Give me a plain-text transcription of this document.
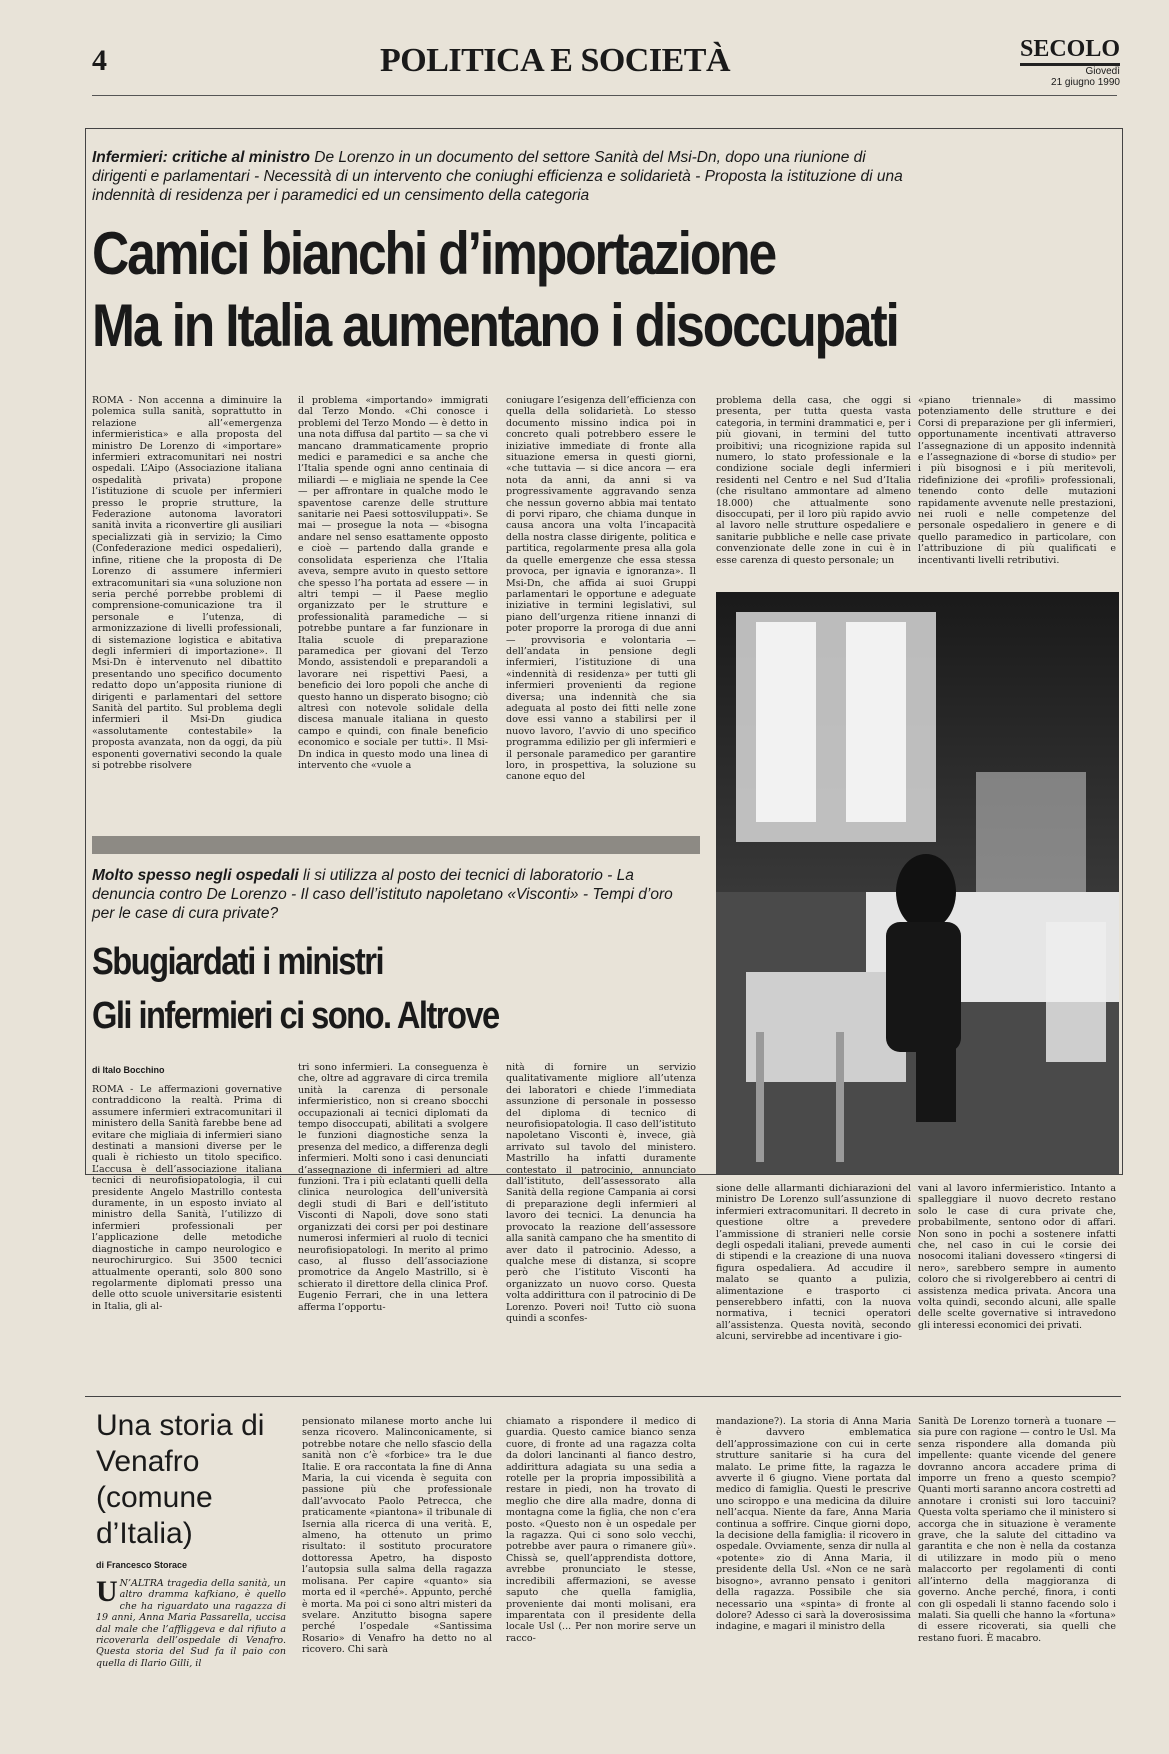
4	POLITICA E SOCIETÀ	SECOLO
Giovedì
21 giugno 1990
Infermieri: critiche al ministro De Lorenzo in un documento del settore Sanità del Msi-Dn, dopo una riunione di dirigenti e parlamentari - Necessità di un intervento che coniughi efficienza e solidarietà - Proposta la istituzione di una indennità di residenza per i paramedici ed un censimento della categoria
Camici bianchi d’importazione
Ma in Italia aumentano i disoccupati

ROMA - Non accenna a diminuire la polemica sulla sanità, soprattutto in relazione all’«emergenza infermieristica» e alla proposta del ministro De Lorenzo di «importare» infermieri extracomunitari nei nostri ospedali. L’Aipo (Associazione italiana ospedalità privata) propone l’istituzione di scuole per infermieri presso le proprie strutture, la Federazione autonoma lavoratori sanità invita a riconvertire gli ausiliari specializzati già in servizio; la Cimo (Confederazione medici ospedalieri), infine, ritiene che la proposta di De Lorenzo di assumere infermieri extracomunitari sia «una soluzione non seria perché porrebbe problemi di comprensione-comunicazione tra il personale e l’utenza, di armonizzazione di livelli professionali, di sistemazione logistica e abitativa degli infermieri di importazione». Il Msi-Dn è intervenuto nel dibattito presentando uno specifico documento redatto dopo un’apposita riunione di dirigenti e parlamentari del settore Sanità del partito. Sul problema degli infermieri il Msi-Dn giudica «assolutamente contestabile» la proposta avanzata, non da oggi, da più esponenti governativi secondo la quale si potrebbe risolvere

il problema «importando» immigrati dal Terzo Mondo. «Chi conosce i problemi del Terzo Mondo — è detto in una nota diffusa dal partito — sa che vi mancano drammaticamente proprio medici e paramedici e sa anche che l’Italia spende ogni anno centinaia di miliardi — e migliaia ne spende la Cee — per affrontare in qualche modo le spaventose carenze delle strutture sanitarie nei Paesi sottosviluppati». Se mai — prosegue la nota — «bisogna andare nel senso esattamente opposto e cioè — partendo dalla grande e consolidata esperienza che l’Italia aveva, sempre avuto in questo settore che spesso l’ha portata ad essere — in altri tempi — il Paese meglio organizzato per le strutture e professionalità paramediche — si potrebbe puntare a far funzionare in Italia scuole di preparazione paramedica per giovani del Terzo Mondo, assistendoli e preparandoli a lavorare nei rispettivi Paesi, a beneficio dei loro popoli che anche di questo hanno un disperato bisogno; ciò altresì con notevole solidale della discesa manuale italiana in questo campo e quindi, con finale beneficio economico e sociale per tutti». Il Msi-Dn indica in questo modo una linea di intervento che «vuole a

coniugare l’esigenza dell’efficienza con quella della solidarietà. Lo stesso documento missino indica poi in concreto quali potrebbero essere le iniziative immediate di fronte alla situazione emersa in questi giorni, «che tuttavia — si dice ancora — era nota da anni, da anni si va progressivamente aggravando senza che nessun governo abbia mai tentato di porvi riparo, che chiama dunque in causa ancora una volta l’incapacità della nostra classe dirigente, politica e partitica, regolarmente presa alla gola da quelle emergenze che essa stessa provoca, per ignavia e ignoranza». Il Msi-Dn, che affida ai suoi Gruppi parlamentari le opportune e adeguate iniziative in termini legislativi, sul piano dell’urgenza ritiene innanzi di poter proporre la proroga di due anni — provvisoria e volontaria — dell’andata in pensione degli infermieri, l’istituzione di una «indennità di residenza» per tutti gli infermieri provenienti da regione diversa; una indennità che sia adeguata al posto dei fitti nelle zone dove essi vanno a stabilirsi per il nuovo lavoro, l’avvio di uno specifico programma edilizio per gli infermieri e il personale paramedico per garantire loro, in prospettiva, la soluzione su canone equo del

problema della casa, che oggi si presenta, per tutta questa vasta categoria, in termini drammatici e, per i più giovani, in termini del tutto proibitivi; una ricognizione rapida sul numero, lo stato professionale e la condizione sociale degli infermieri residenti nel Centro e nel Sud d’Italia (che risultano ammontare ad almeno 18.000) che attualmente sono disoccupati, per il loro più rapido avvio al lavoro nelle strutture ospedaliere e sanitarie pubbliche e nelle case private convenzionate delle zone in cui è in esse carenza di questo personale; un

«piano triennale» di massimo potenziamento delle strutture e dei Corsi di preparazione per gli infermieri, opportunamente incentivati attraverso l’assegnazione di un apposito indennità e l’assegnazione di «borse di studio» per i più bisognosi e i più meritevoli, ridefinizione dei «profili» professionali, tenendo conto delle mutazioni rapidamente avvenute nelle prestazioni, nei ruoli e nelle competenze del personale ospedaliero in genere e di quello paramedico in particolare, con l’attribuzione di più qualificati e incentivanti livelli retributivi.

Molto spesso negli ospedali li si utilizza al posto dei tecnici di laboratorio - La denuncia contro De Lorenzo - Il caso dell’istituto napoletano «Visconti» - Tempi d’oro per le case di cura private?
Sbugiardati i ministri
Gli infermieri ci sono. Altrove
di Italo Bocchino

ROMA - Le affermazioni governative contraddicono la realtà. Prima di assumere infermieri extracomunitari il ministero della Sanità farebbe bene ad evitare che migliaia di infermieri siano destinati a mansioni diverse per le quali è richiesto un titolo specifico. L’accusa è dell’associazione italiana tecnici di neurofisiopatologia, il cui presidente Angelo Mastrillo contesta duramente, in un esposto inviato al ministro della Sanità, l’utilizzo di infermieri professionali per l’applicazione delle metodiche diagnostiche in campo neurologico e neurochirurgico. Sui 3500 tecnici attualmente operanti, solo 800 sono regolarmente diplomati presso una delle otto scuole universitarie esistenti in Italia, gli al-

tri sono infermieri. La conseguenza è che, oltre ad aggravare di circa tremila unità la carenza di personale infermieristico, non si creano sbocchi occupazionali ai tecnici diplomati da tempo disoccupati, abilitati a svolgere le funzioni diagnostiche senza la presenza del medico, a differenza degli infermieri. Molti sono i casi denunciati d’assegnazione di infermieri ad altre funzioni. Tra i più eclatanti quelli della clinica neurologica dell’università degli studi di Bari e dell’istituto Visconti di Napoli, dove sono stati organizzati dei corsi per poi destinare numerosi infermieri al ruolo di tecnici neurofisiopatologi. In merito al primo caso, al flusso dell’associazione promotrice da Angelo Mastrillo, si è schierato il direttore della clinica Prof. Eugenio Ferrari, che in una lettera afferma l’opportu-

nità di fornire un servizio qualitativamente migliore all’utenza dei laboratori e chiede l’immediata assunzione di personale in possesso del diploma di tecnico di neurofisiopatologia. Il caso dell’istituto napoletano Visconti è, invece, già arrivato sul tavolo del ministero. Mastrillo ha infatti duramente contestato il patrocinio, annunciato dall’istituto, dell’assessorato alla Sanità della regione Campania ai corsi di preparazione degli infermieri al lavoro dei tecnici. La denuncia ha provocato la reazione dell’assessore alla sanità campano che ha smentito di aver dato il patrocinio. Adesso, a qualche mese di distanza, si scopre però che l’istituto Visconti ha organizzato un nuovo corso. Questa volta addirittura con il patrocinio di De Lorenzo. Poveri noi! Tutto ciò suona quindi a sconfes-

sione delle allarmanti dichiarazioni del ministro De Lorenzo sull’assunzione di infermieri extracomunitari. Il decreto in questione oltre a prevedere l’ammissione di stranieri nelle corsie degli ospedali italiani, prevede aumenti di stipendi e la creazione di una nuova figura ospedaliera. Ad accudire il malato se quanto a pulizia, alimentazione e trasporto ci penserebbero infatti, con la nuova normativa, i tecnici operatori all’assistenza. Questa novità, secondo alcuni, servirebbe ad incentivare i gio-

vani al lavoro infermieristico. Intanto a spalleggiare il nuovo decreto restano solo le case di cura private che, probabilmente, sentono odor di affari. Non sono in pochi a sostenere infatti che, nel caso in cui le corsie dei nosocomi italiani dovessero «tingersi di nero», sarebbero sempre in aumento coloro che si rivolgerebbero ai centri di assistenza medica privata. Ancora una volta quindi, secondo alcuni, alle spalle delle scelte governative si intravedono gli interessi economici dei privati.

Una storia di Venafro (comune d’Italia)
di Francesco Storace
U N’ALTRA tragedia della sanità, un altro dramma kafkiano, è quello che ha riguardato una ragazza di 19 anni, Anna Maria Passarella, uccisa dal male che l’affliggeva e dal rifiuto a ricoverarla dell’ospedale di Venafro. Questa storia del Sud fa il paio con quella di Ilario Gilli, il

pensionato milanese morto anche lui senza ricovero. Malinconicamente, si potrebbe notare che nello sfascio della sanità non c’è «forbice» tra le due Italie. E ora raccontata la fine di Anna Maria, la cui vicenda è seguita con passione più che professionale dall’avvocato Paolo Petrecca, che praticamente «piantona» il tribunale di Isernia alla ricerca di una verità. E, almeno, ha ottenuto un primo risultato: il sostituto procuratore dottoressa Apetro, ha disposto l’autopsia sulla salma della ragazza molisana. Per capire «quanto» sia morta ed il «perché». Appunto, perché è morta. Ma poi ci sono altri misteri da svelare. Anzitutto bisogna sapere perché l’ospedale «Santissima Rosario» di Venafro ha detto no al ricovero. Chi sarà

chiamato a rispondere il medico di guardia. Questo camice bianco senza cuore, di fronte ad una ragazza colta da dolori lancinanti al fianco destro, addirittura adagiata su una sedia a rotelle per la propria impossibilità a restare in piedi, non ha trovato di meglio che dire alla madre, donna di montagna come la figlia, che non c’era posto. «Questo non è un ospedale per la ragazza. Qui ci sono solo vecchi, potrebbe aver paura o rimanere giù». Chissà se, quell’apprendista dottore, avrebbe pronunciato le stesse, incredibili affermazioni, se avesse saputo che quella famiglia, proveniente dai monti molisani, era imparentata con il presidente della locale Usl (... Per non morire serve un racco-

mandazione?). La storia di Anna Maria è davvero emblematica dell’approssimazione con cui in certe strutture sanitarie si ha cura del malato. Le prime fitte, la ragazza le avverte il 6 giugno. Viene portata dal medico di famiglia. Questi le prescrive uno sciroppo e una medicina da diluire nell’acqua. Niente da fare, Anna Maria continua a soffrire. Cinque giorni dopo, la decisione della famiglia: il ricovero in ospedale. Ovviamente, senza dir nulla al «potente» zio di Anna Maria, il presidente della Usl. «Non ce ne sarà bisogno», avranno pensato i genitori della ragazza. Possibile che sia necessario una «spinta» di fronte al dolore? Adesso ci sarà la doverosissima indagine, e magari il ministro della

Sanità De Lorenzo tornerà a tuonare — sia pure con ragione — contro le Usl. Ma senza rispondere alla domanda più impellente: quante vicende del genere dovranno ancora accadere prima di imporre un freno a questo scempio? Quanti morti saranno ancora costretti ad annotare i cronisti sui loro taccuini? Questa volta speriamo che il ministero si accorga che in situazione è veramente grave, che la salute del cittadino va garantita e che non è nella da costanza di utilizzare in modo più o meno malaccorto per regolamenti di conti all’interno della maggioranza di governo. Anche perché, finora, i conti con gli ospedali li stanno facendo solo i malati. Sia quelli che hanno la «fortuna» di essere ricoverati, sia quelli che restano fuori. È macabro.
